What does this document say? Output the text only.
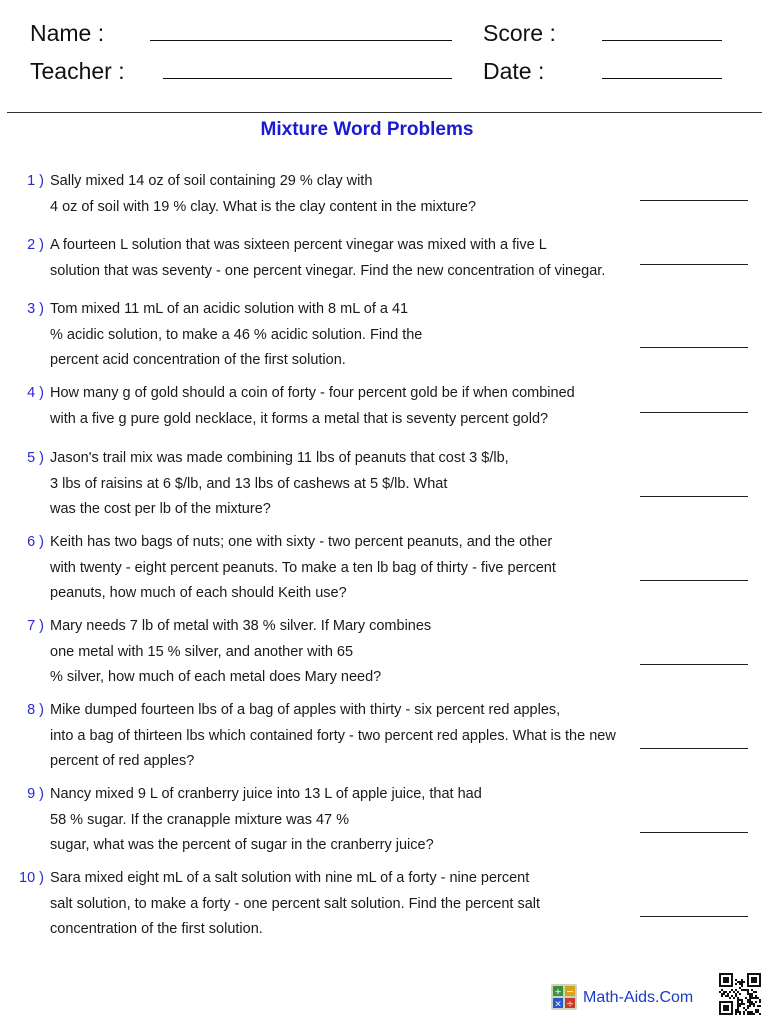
Name :
Teacher :
Score :
Date :
Mixture Word Problems
1 ) Sally mixed 14 oz of soil containing 29 % clay with
4 oz of soil with 19 % clay. What is the clay content in the mixture?
2 ) A fourteen L solution that was sixteen percent vinegar was mixed with a five L
solution that was seventy - one percent vinegar. Find the new concentration of vinegar.
3 ) Tom mixed 11 mL of an acidic solution with 8 mL of a 41
% acidic solution, to make a 46 % acidic solution. Find the
percent acid concentration of the first solution.
4 ) How many g of gold should a coin of forty - four percent gold be if when combined
with a five g pure gold necklace, it forms a metal that is seventy percent gold?
5 ) Jason's trail mix was made combining 11 lbs of peanuts that cost 3 $/lb,
3 lbs of raisins at 6 $/lb, and 13 lbs of cashews at 5 $/lb. What
was the cost per lb of the mixture?
6 ) Keith has two bags of nuts; one with sixty - two percent peanuts, and the other
with twenty - eight percent peanuts. To make a ten lb bag of thirty - five percent
peanuts, how much of each should Keith use?
7 ) Mary needs 7 lb of metal with 38 % silver. If Mary combines
one metal with 15 % silver, and another with 65
% silver, how much of each metal does Mary need?
8 ) Mike dumped fourteen lbs of a bag of apples with thirty - six percent red apples,
into a bag of thirteen lbs which contained forty - two percent red apples. What is the new
percent of red apples?
9 ) Nancy mixed 9 L of cranberry juice into 13 L of apple juice, that had
58 % sugar. If the cranapple mixture was 47 %
sugar, what was the percent of sugar in the cranberry juice?
10 ) Sara mixed eight mL of a salt solution with nine mL of a forty - nine percent
salt solution, to make a forty - one percent salt solution. Find the percent salt
concentration of the first solution.
+ −
× ÷ Math-Aids.Com
